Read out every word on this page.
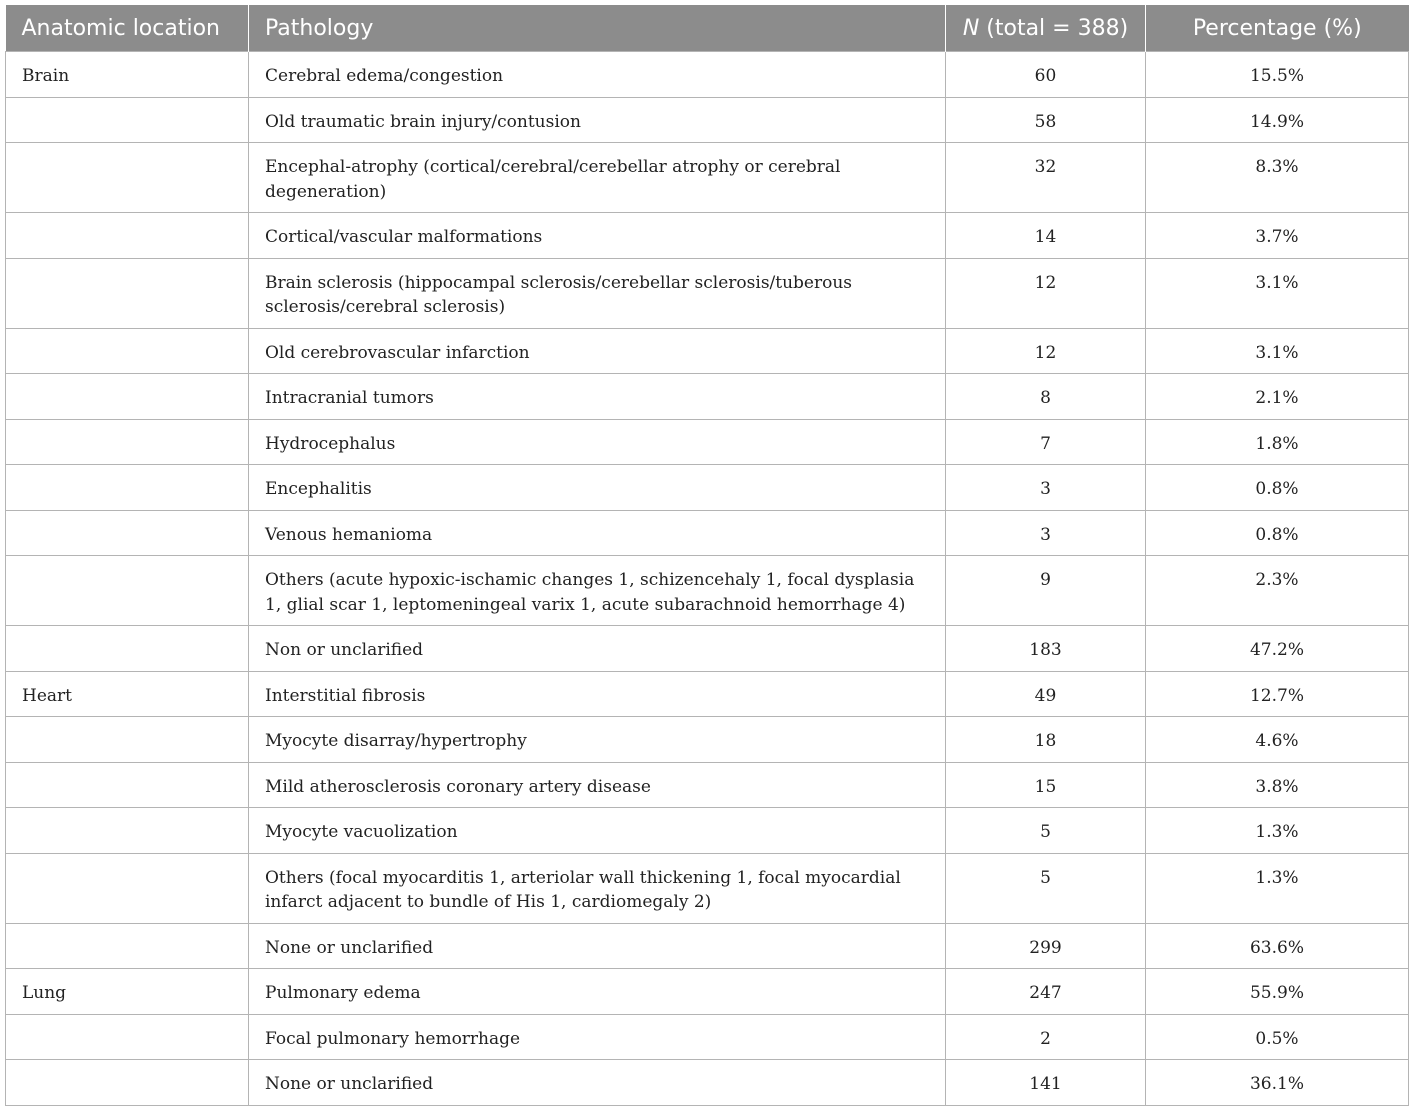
Anatomic location	Pathology	N (total = 388)	Percentage (%)
Brain	Cerebral edema/congestion	60	15.5%
	Old traumatic brain injury/contusion	58	14.9%
	Encephal-atrophy (cortical/cerebral/cerebellar atrophy or cerebral degeneration)	32	8.3%
	Cortical/vascular malformations	14	3.7%
	Brain sclerosis (hippocampal sclerosis/cerebellar sclerosis/tuberous sclerosis/cerebral sclerosis)	12	3.1%
	Old cerebrovascular infarction	12	3.1%
	Intracranial tumors	8	2.1%
	Hydrocephalus	7	1.8%
	Encephalitis	3	0.8%
	Venous hemanioma	3	0.8%
	Others (acute hypoxic-ischamic changes 1, schizencehaly 1, focal dysplasia 1, glial scar 1, leptomeningeal varix 1, acute subarachnoid hemorrhage 4)	9	2.3%
	Non or unclarified	183	47.2%
Heart	Interstitial fibrosis	49	12.7%
	Myocyte disarray/hypertrophy	18	4.6%
	Mild atherosclerosis coronary artery disease	15	3.8%
	Myocyte vacuolization	5	1.3%
	Others (focal myocarditis 1, arteriolar wall thickening 1, focal myocardial infarct adjacent to bundle of His 1, cardiomegaly 2)	5	1.3%
	None or unclarified	299	63.6%
Lung	Pulmonary edema	247	55.9%
	Focal pulmonary hemorrhage	2	0.5%
	None or unclarified	141	36.1%
